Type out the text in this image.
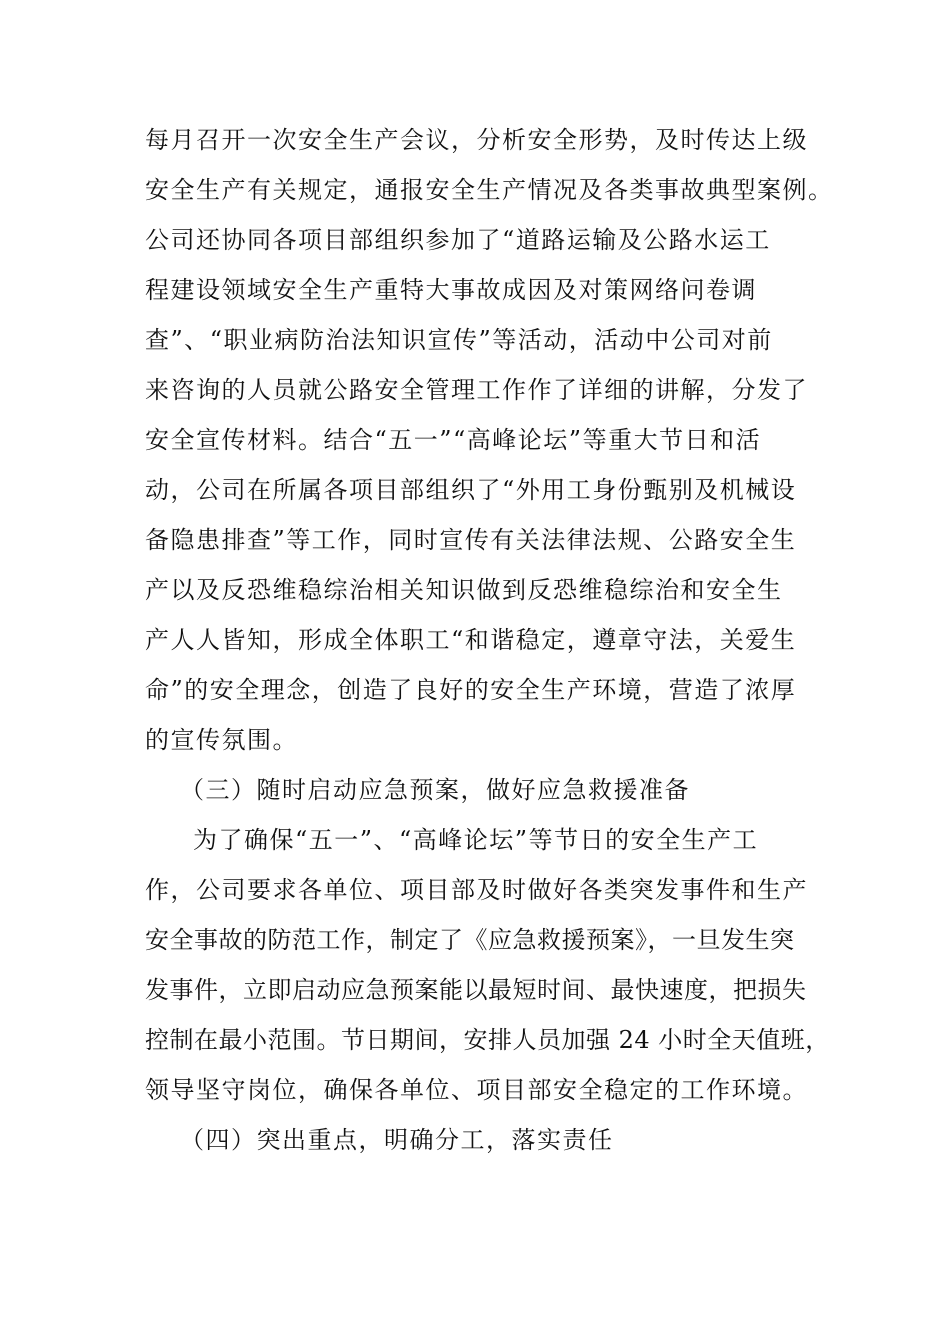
每月召开一次安全生产会议，分析安全形势，及时传达上级
安全生产有关规定，通报安全生产情况及各类事故典型案例。
公司还协同各项目部组织参加了“道路运输及公路水运工
程建设领域安全生产重特大事故成因及对策网络问卷调
查”、“职业病防治法知识宣传”等活动，活动中公司对前
来咨询的人员就公路安全管理工作作了详细的讲解，分发了
安全宣传材料。结合“五一”“高峰论坛”等重大节日和活
动，公司在所属各项目部组织了“外用工身份甄别及机械设
备隐患排查”等工作，同时宣传有关法律法规、公路安全生
产以及反恐维稳综治相关知识做到反恐维稳综治和安全生
产人人皆知，形成全体职工“和谐稳定，遵章守法，关爱生
命”的安全理念，创造了良好的安全生产环境，营造了浓厚
的宣传氛围。
（三）随时启动应急预案，做好应急救援准备
为了确保“五一”、“高峰论坛”等节日的安全生产工
作，公司要求各单位、项目部及时做好各类突发事件和生产
安全事故的防范工作，制定了《应急救援预案》，一旦发生突
发事件，立即启动应急预案能以最短时间、最快速度，把损失
控制在最小范围。节日期间，安排人员加强 24 小时全天值班，
领导坚守岗位，确保各单位、项目部安全稳定的工作环境。
（四）突出重点，明确分工，落实责任
